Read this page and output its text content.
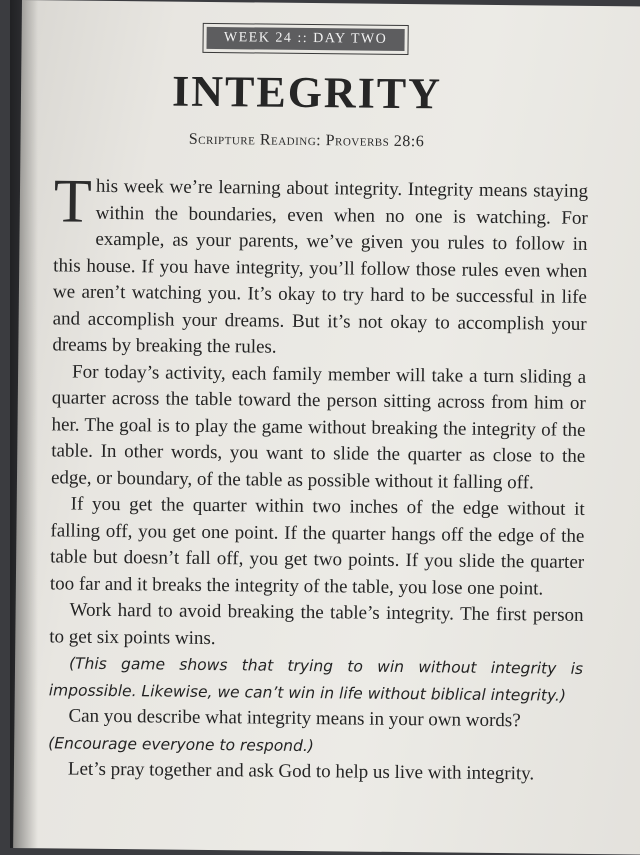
WEEK 24 :: DAY TWO
INTEGRITY
Scripture Reading: Proverbs 28:6

This week we’re learning about integrity. Integrity means staying within the boundaries, even when no one is watching. For example, as your parents, we’ve given you rules to follow in this house. If you have integrity, you’ll follow those rules even when we aren’t watching you. It’s okay to try hard to be successful in life and accomplish your dreams. But it’s not okay to accomplish your dreams by breaking the rules.

For today’s activity, each family member will take a turn sliding a quarter across the table toward the person sitting across from him or her. The goal is to play the game without breaking the integrity of the table. In other words, you want to slide the quarter as close to the edge, or boundary, of the table as possible without it falling off.

If you get the quarter within two inches of the edge without it falling off, you get one point. If the quarter hangs off the edge of the table but doesn’t fall off, you get two points. If you slide the quarter too far and it breaks the integrity of the table, you lose one point.

Work hard to avoid breaking the table’s integrity. The first person to get six points wins.

(This game shows that trying to win without integrity is impossible. Likewise, we can’t win in life without biblical integrity.)

Can you describe what integrity means in your own words?

(Encourage everyone to respond.)

Let’s pray together and ask God to help us live with integrity.
